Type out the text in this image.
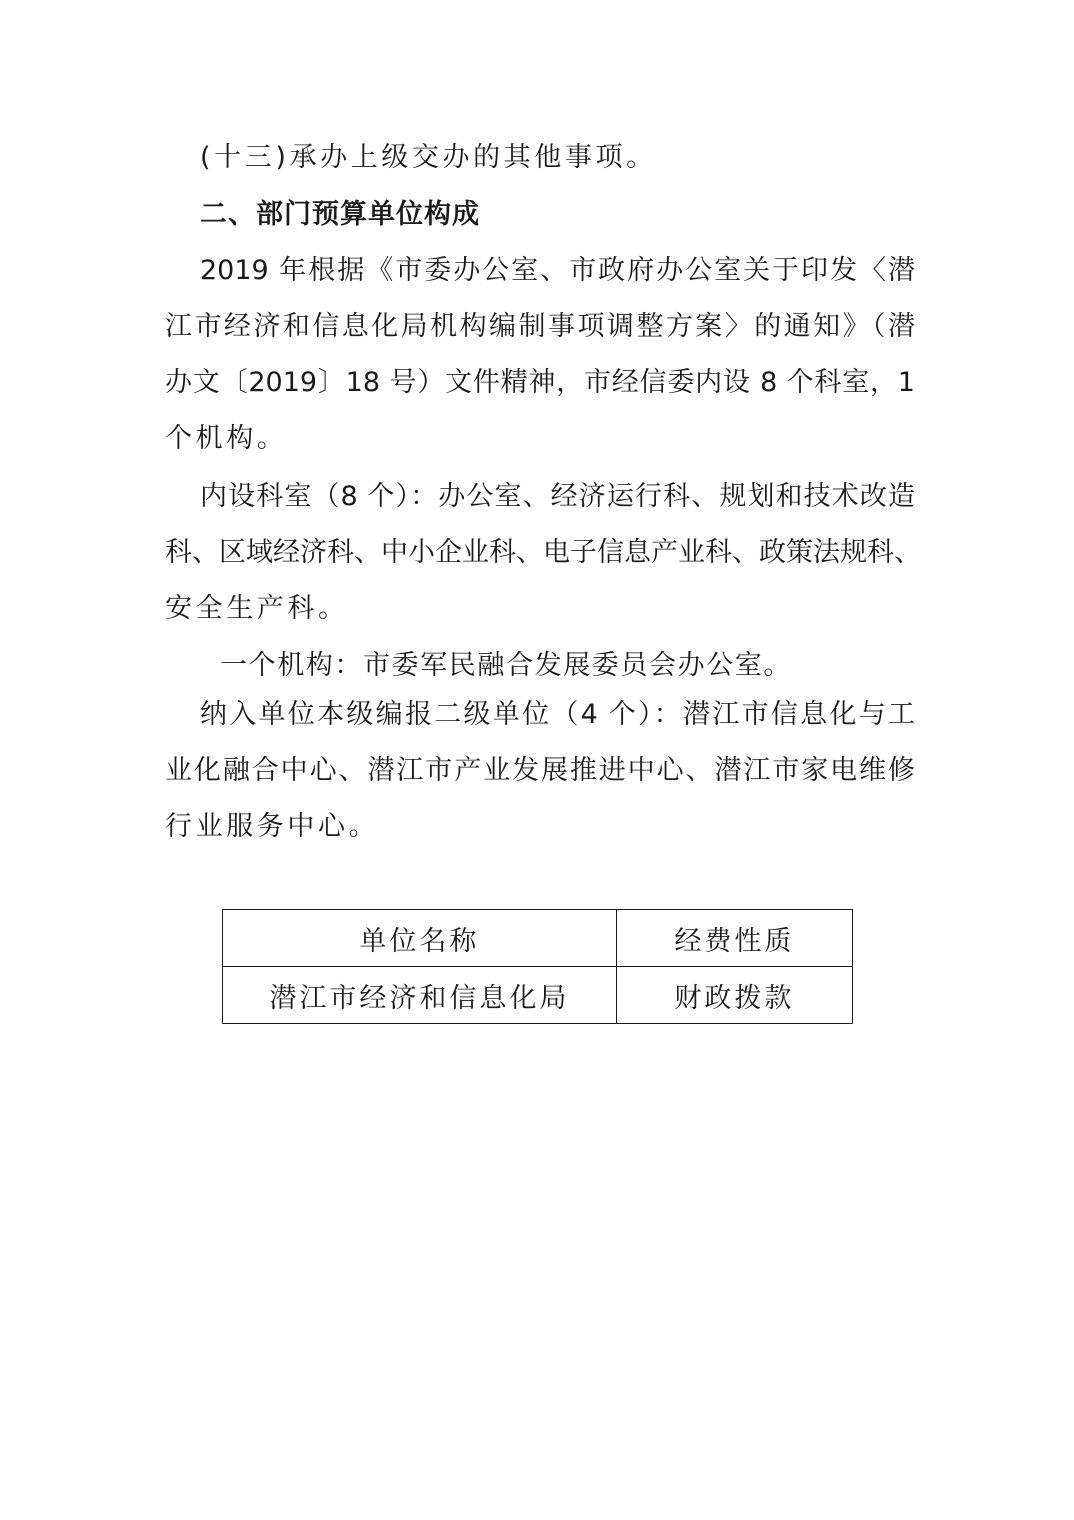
(十三)承办上级交办的其他事项。
二、部门预算单位构成
2019 年根据《市委办公室、市政府办公室关于印发〈潜
江市经济和信息化局机构编制事项调整方案〉的通知》（潜
办文〔2019〕18 号）文件精神，市经信委内设 8 个科室，1
个机构。
内设科室（8 个）：办公室、经济运行科、规划和技术改造
科、区域经济科、中小企业科、电子信息产业科、政策法规科、
安全生产科。
一个机构：市委军民融合发展委员会办公室。
纳入单位本级编报二级单位（4 个）：潜江市信息化与工
业化融合中心、潜江市产业发展推进中心、潜江市家电维修
行业服务中心。
单位名称	经费性质
潜江市经济和信息化局	财政拨款
